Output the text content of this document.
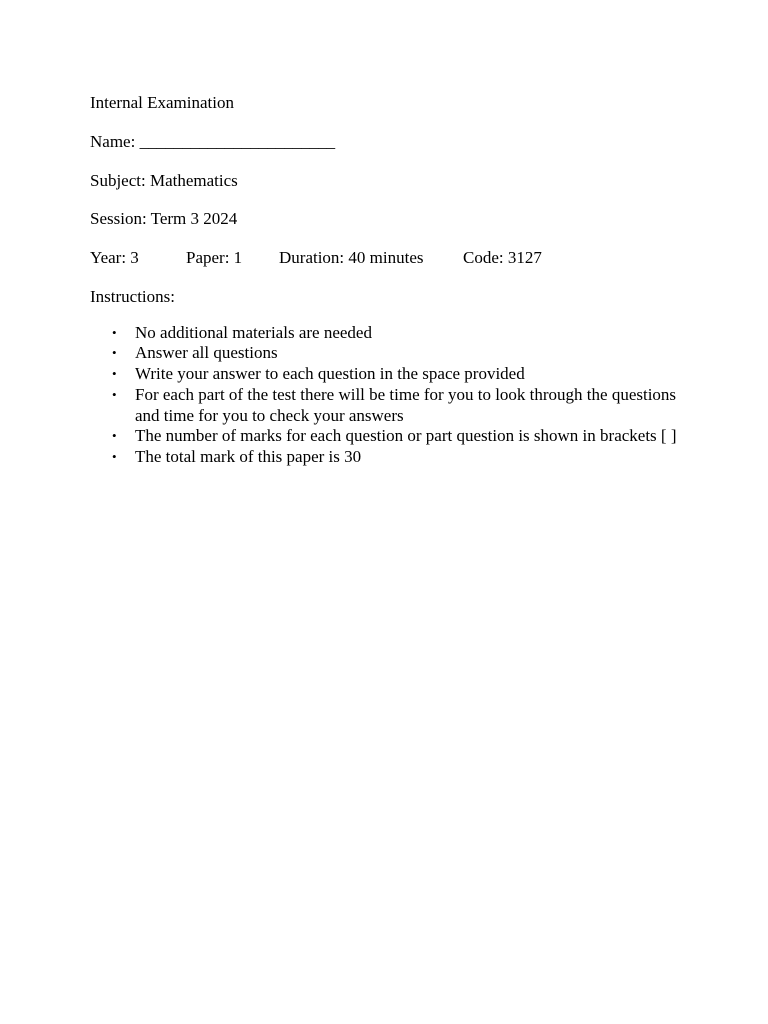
Internal Examination
Name: _______________________
Subject: Mathematics
Session: Term 3 2024
Year: 3	Paper: 1	Duration: 40 minutes	Code: 3127
Instructions:
• No additional materials are needed
• Answer all questions
• Write your answer to each question in the space provided
• For each part of the test there will be time for you to look through the questions and time for you to check your answers
• The number of marks for each question or part question is shown in brackets [ ]
• The total mark of this paper is 30
